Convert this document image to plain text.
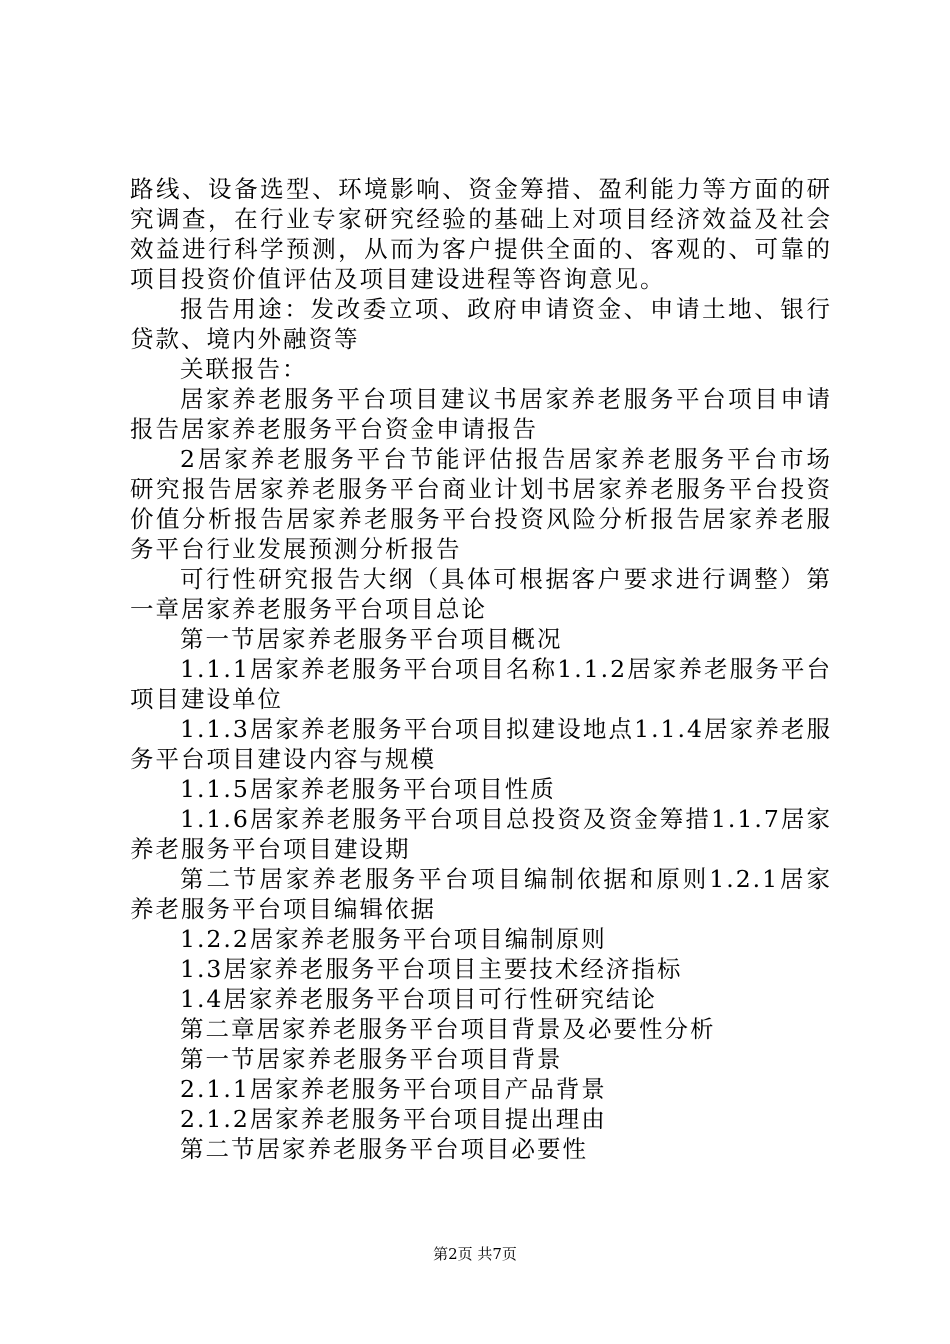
路线、设备选型、环境影响、资金筹措、盈利能力等方面的研究调查，在行业专家研究经验的基础上对项目经济效益及社会效益进行科学预测，从而为客户提供全面的、客观的、可靠的项目投资价值评估及项目建设进程等咨询意见。

报告用途：发改委立项、政府申请资金、申请土地、银行贷款、境内外融资等

关联报告：

居家养老服务平台项目建议书居家养老服务平台项目申请报告居家养老服务平台资金申请报告

2居家养老服务平台节能评估报告居家养老服务平台市场研究报告居家养老服务平台商业计划书居家养老服务平台投资价值分析报告居家养老服务平台投资风险分析报告居家养老服务平台行业发展预测分析报告

可行性研究报告大纲（具体可根据客户要求进行调整）第一章居家养老服务平台项目总论

第一节居家养老服务平台项目概况

1.1.1居家养老服务平台项目名称1.1.2居家养老服务平台项目建设单位

1.1.3居家养老服务平台项目拟建设地点1.1.4居家养老服务平台项目建设内容与规模

1.1.5居家养老服务平台项目性质

1.1.6居家养老服务平台项目总投资及资金筹措1.1.7居家养老服务平台项目建设期

第二节居家养老服务平台项目编制依据和原则1.2.1居家养老服务平台项目编辑依据

1.2.2居家养老服务平台项目编制原则

1.3居家养老服务平台项目主要技术经济指标

1.4居家养老服务平台项目可行性研究结论

第二章居家养老服务平台项目背景及必要性分析

第一节居家养老服务平台项目背景

2.1.1居家养老服务平台项目产品背景

2.1.2居家养老服务平台项目提出理由

第二节居家养老服务平台项目必要性

第2页 共7页
